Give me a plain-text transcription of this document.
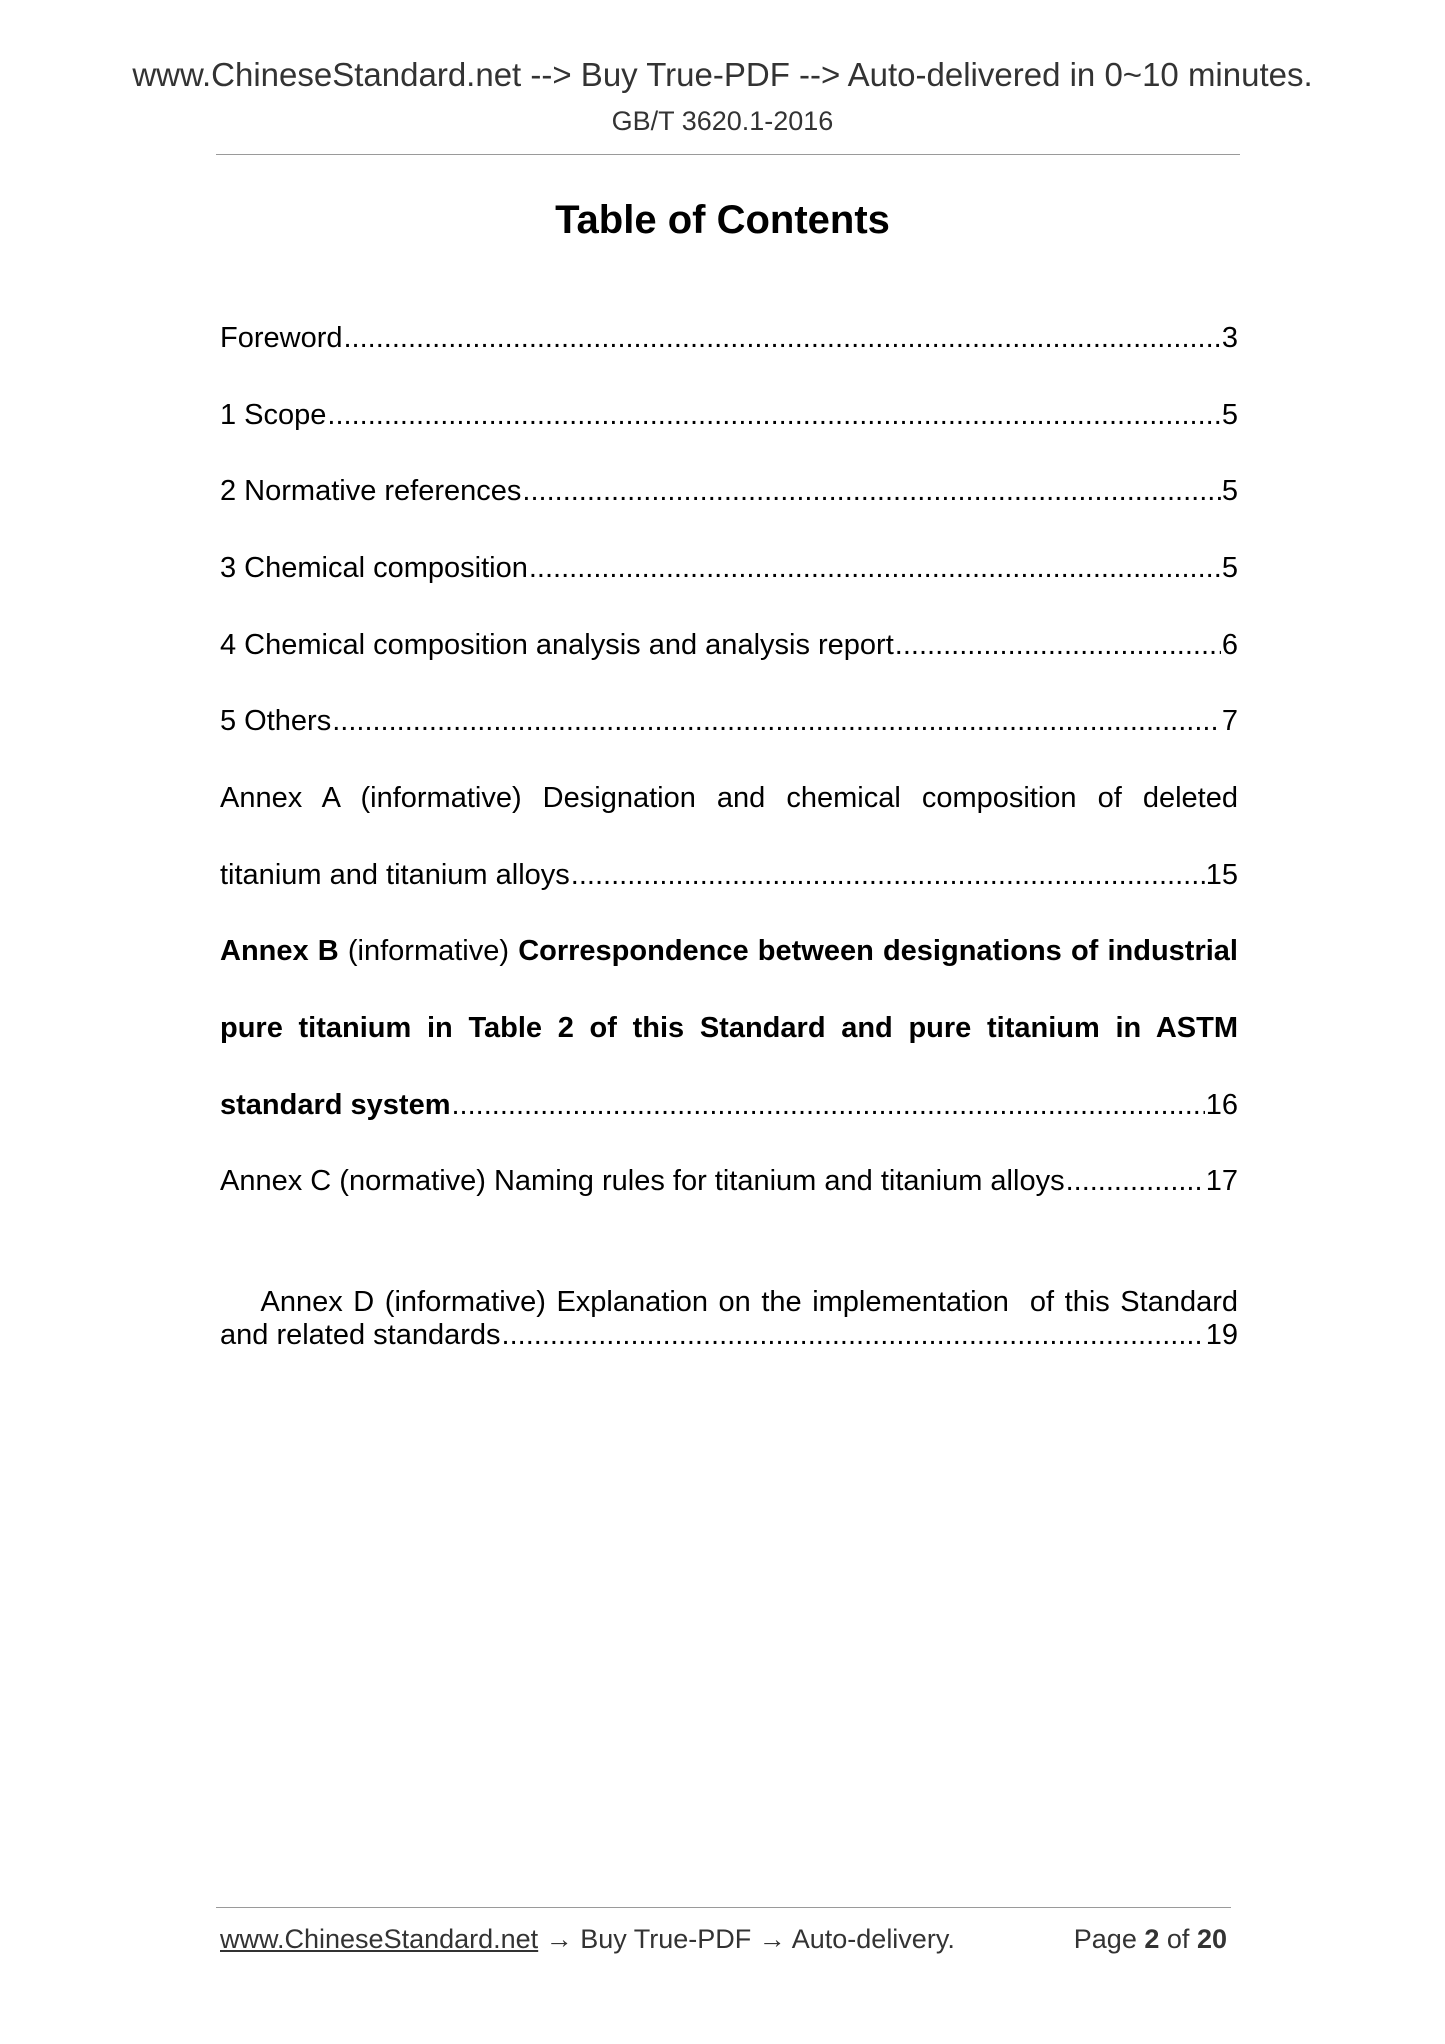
www.ChineseStandard.net --> Buy True-PDF --> Auto-delivered in 0~10 minutes.
GB/T 3620.1-2016
Table of Contents
Foreword .....	3
1 Scope .....	5
2 Normative references .....	5
3 Chemical composition .....	5
4 Chemical composition analysis and analysis report .....	6
5 Others .....	7
Annex A (informative) Designation and chemical composition of deleted
titanium and titanium alloys .....	15
Annex B (informative) Correspondence between designations of industrial
pure titanium in Table 2 of this Standard and pure titanium in ASTM
standard system .....	16
Annex C (normative) Naming rules for titanium and titanium alloys .....	17

Annex D (informative) Explanation on the implementation  of this Standard

and related standards .....	19
www.ChineseStandard.net → Buy True-PDF → Auto-delivery.	Page 2 of 20
